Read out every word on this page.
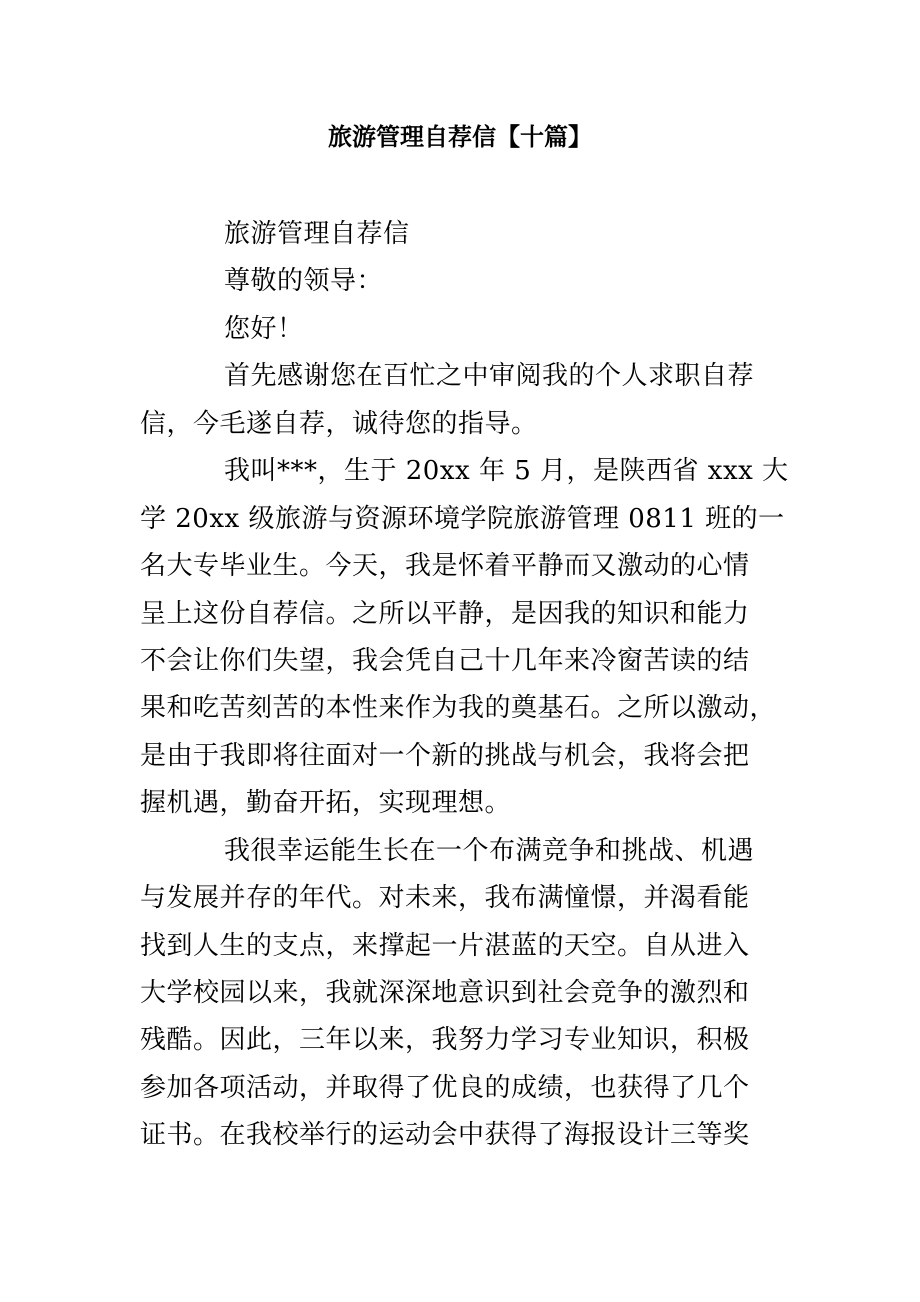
旅游管理自荐信【十篇】
旅游管理自荐信
尊敬的领导：
您好！
首先感谢您在百忙之中审阅我的个人求职自荐
信，今毛遂自荐，诚待您的指导。
我叫***，生于 20xx 年 5 月，是陕西省 xxx 大
学 20xx 级旅游与资源环境学院旅游管理 0811 班的一
名大专毕业生。今天，我是怀着平静而又激动的心情
呈上这份自荐信。之所以平静，是因我的知识和能力
不会让你们失望，我会凭自己十几年来冷窗苦读的结
果和吃苦刻苦的本性来作为我的奠基石。之所以激动，
是由于我即将往面对一个新的挑战与机会，我将会把
握机遇，勤奋开拓，实现理想。
我很幸运能生长在一个布满竞争和挑战、机遇
与发展并存的年代。对未来，我布满憧憬，并渴看能
找到人生的支点，来撑起一片湛蓝的天空。自从进入
大学校园以来，我就深深地意识到社会竞争的激烈和
残酷。因此，三年以来，我努力学习专业知识，积极
参加各项活动，并取得了优良的成绩，也获得了几个
证书。在我校举行的运动会中获得了海报设计三等奖
